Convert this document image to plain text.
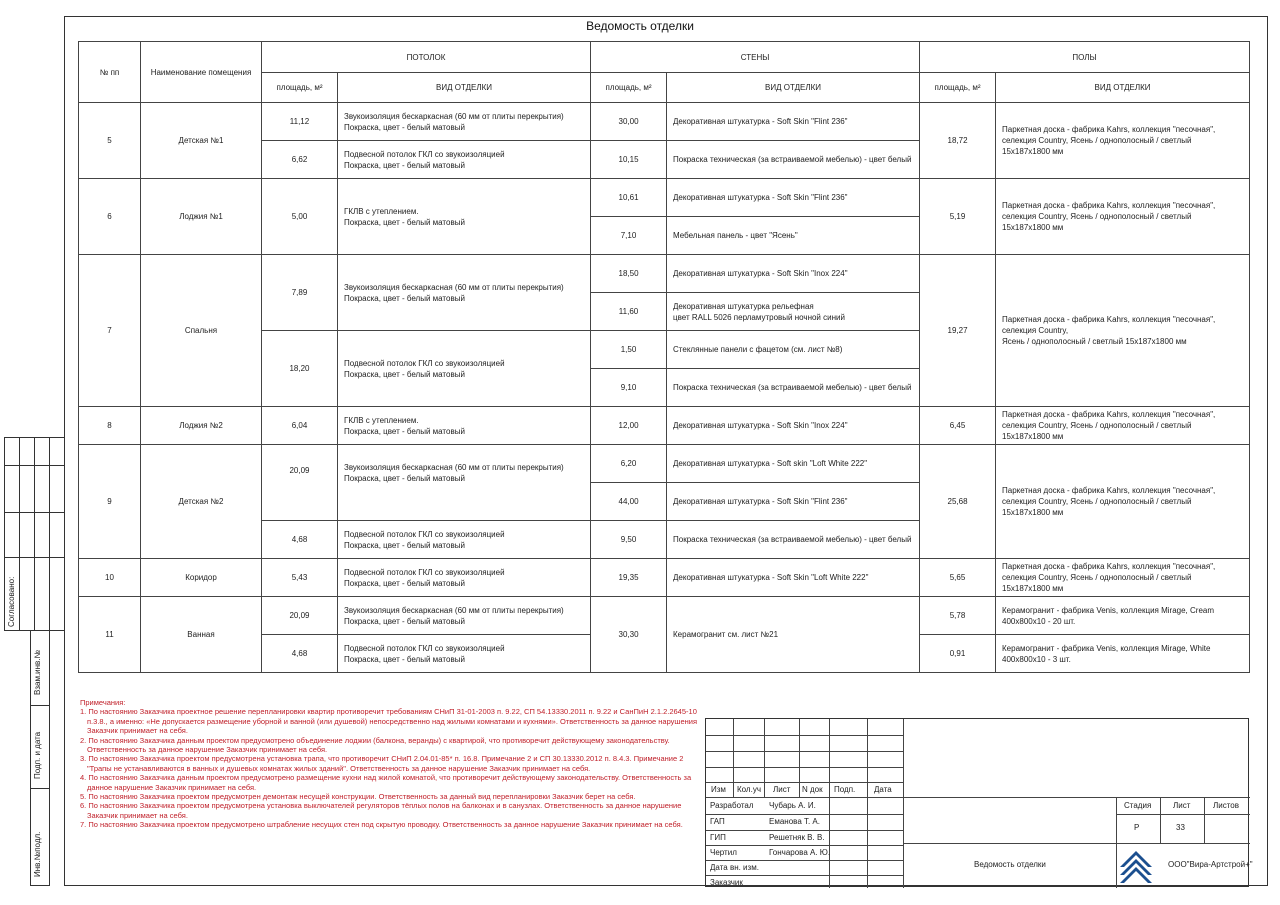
Согласовано:
Взам.инв.№
Подп. и дата
Инв.№подл.
Ведомость отделки
№ пп	Наименование помещения	ПОТОЛОК		СТЕНЫ		ПОЛЫ	
		площадь, м²	ВИД ОТДЕЛКИ	площадь, м²	ВИД ОТДЕЛКИ	площадь, м²	ВИД ОТДЕЛКИ
5	Детская №1	11,12	Звукоизоляция бескаркасная (60 мм от плиты перекрытия)
Покраска, цвет - белый матовый	30,00	Декоративная штукатурка - Soft Skin "Flint 236"	18,72	Паркетная доска - фабрика Kahrs, коллекция "песочная",
селекция Country, Ясень / однополосный / светлый
15х187х1800 мм
		6,62	Подвесной потолок ГКЛ со звукоизоляцией
Покраска, цвет - белый матовый	10,15	Покраска техническая (за встраиваемой мебелью) - цвет белый		
6	Лоджия №1	5,00	ГКЛВ с утеплением.
Покраска, цвет - белый матовый	10,61	Декоративная штукатурка - Soft Skin "Flint 236"	5,19	Паркетная доска - фабрика Kahrs, коллекция "песочная",
селекция Country, Ясень / однополосный / светлый
15х187х1800 мм
				7,10	Мебельная панель - цвет "Ясень"		
7	Спальня	7,89	Звукоизоляция бескаркасная (60 мм от плиты перекрытия)
Покраска, цвет - белый матовый	18,50	Декоративная штукатурка - Soft Skin "Inox 224"	19,27	Паркетная доска - фабрика Kahrs, коллекция "песочная",
селекция Country,
Ясень / однополосный / светлый 15х187х1800 мм
				11,60	Декоративная штукатурка рельефная
цвет RALL 5026 перламутровый ночной синий		
		18,20	Подвесной потолок ГКЛ со звукоизоляцией
Покраска, цвет - белый матовый	1,50	Стеклянные панели с фацетом (см. лист №8)		
				9,10	Покраска техническая (за встраиваемой мебелью) - цвет белый		
8	Лоджия №2	6,04	ГКЛВ с утеплением.
Покраска, цвет - белый матовый	12,00	Декоративная штукатурка - Soft Skin "Inox 224"	6,45	Паркетная доска - фабрика Kahrs, коллекция "песочная",
селекция Country, Ясень / однополосный / светлый
15х187х1800 мм
9	Детская №2	20,09	Звукоизоляция бескаркасная (60 мм от плиты перекрытия)
Покраска, цвет - белый матовый	6,20	Декоративная штукатурка - Soft skin "Loft White 222"	25,68	Паркетная доска - фабрика Kahrs, коллекция "песочная",
селекция Country, Ясень / однополосный / светлый
15х187х1800 мм
				44,00	Декоративная штукатурка - Soft Skin "Flint 236"		
		4,68	Подвесной потолок ГКЛ со звукоизоляцией
Покраска, цвет - белый матовый	9,50	Покраска техническая (за встраиваемой мебелью) - цвет белый		
10	Коридор	5,43	Подвесной потолок ГКЛ со звукоизоляцией
Покраска, цвет - белый матовый	19,35	Декоративная штукатурка - Soft Skin "Loft White 222"	5,65	Паркетная доска - фабрика Kahrs, коллекция "песочная",
селекция Country, Ясень / однополосный / светлый
15х187х1800 мм
11	Ванная	20,09	Звукоизоляция бескаркасная (60 мм от плиты перекрытия)
Покраска, цвет - белый матовый	30,30	Керамогранит см. лист №21	5,78	Керамогранит - фабрика Venis, коллекция Mirage, Cream
400х800х10 - 20 шт.
		4,68	Подвесной потолок ГКЛ со звукоизоляцией
Покраска, цвет - белый матовый			0,91	Керамогранит - фабрика Venis, коллекция Mirage, White
400х800х10 - 3 шт.
Примечания:
1. По настоянию Заказчика проектное решение перепланировки квартир противоречит требованиям СНиП 31-01-2003 п. 9.22, СП 54.13330.2011 п. 9.22 и СанПиН 2.1.2.2645-10 п.3.8., а именно: «Не допускается размещение уборной и ванной (или душевой) непосредственно над жилыми комнатами и кухнями». Ответственность за данное нарушения Заказчик принимает на себя.
2. По настоянию Заказчика данным проектом предусмотрено объединение лоджии (балкона, веранды) с квартирой, что противоречит действующему законодательству. Ответственность за данное нарушение Заказчик принимает на себя.
3. По настоянию Заказчика проектом предусмотрена установка трапа, что противоречит СНиП 2.04.01-85* п. 16.8. Примечание 2 и СП 30.13330.2012 п. 8.4.3. Примечание 2 "Трапы не устанавливаются в ванных и душевых комнатах жилых зданий". Ответственность за данное нарушение Заказчик принимает на себя.
4. По настоянию Заказчика данным проектом предусмотрено размещение кухни над жилой комнатой, что противоречит действующему законодательству. Ответственность за данное нарушение Заказчик принимает на себя.
5. По настоянию Заказчика проектом предусмотрен демонтаж несущей конструкции. Ответственность за данный вид перепланировки Заказчик берет на себя.
6. По настоянию Заказчика проектом предусмотрена установка выключателей регуляторов тёплых полов на балконах и в санузлах. Ответственность за данное нарушение Заказчик принимает на себя.
7. По настоянию Заказчика проектом предусмотрено штрабление несущих стен под скрытую проводку. Ответственность за данное нарушение Заказчик принимает на себя.
Изм Кол.уч Лист N док Подп. Дата
Разработал Чубарь А. И.
ГАП	Еманова Т. А.
ГИП	Решетняк В. В.
Чертил	Гончарова А. Ю.
Дата вн. изм.
Заказчик
Стадия	Лист	Листов
Р	33
Ведомость отделки	ООО"Вира-Артстрой+"
